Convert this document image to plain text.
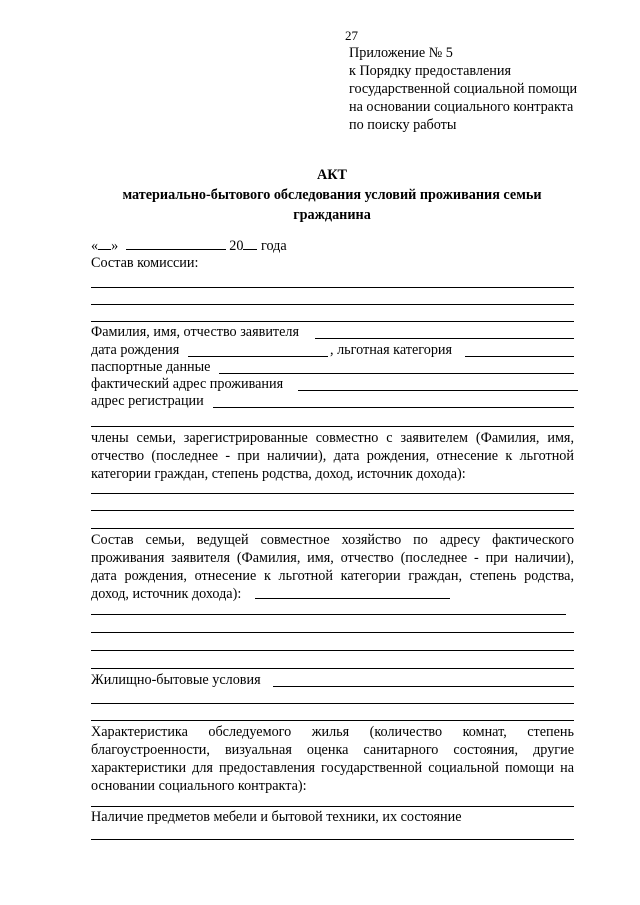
27
Приложение № 5
к Порядку предоставления
государственной социальной помощи
на основании социального контракта
по поиску работы
АКТ
материально-бытового обследования условий проживания семьи
гражданина
« »	20 года
Состав комиссии:
Фамилия, имя, отчество заявителя
дата рождения	, льготная категория
паспортные данные
фактический адрес проживания
адрес регистрации
члены семьи, зарегистрированные совместно с заявителем (Фамилия, имя,
отчество (последнее - при наличии), дата рождения, отнесение к льготной
категории граждан, степень родства, доход, источник дохода):
Состав семьи, ведущей совместное хозяйство по адресу фактического
проживания заявителя (Фамилия, имя, отчество (последнее - при наличии),
дата рождения, отнесение к льготной категории граждан, степень родства,
доход, источник дохода):
Жилищно-бытовые условия
Характеристика обследуемого жилья (количество комнат, степень
благоустроенности, визуальная оценка санитарного состояния, другие
характеристики для предоставления государственной социальной помощи на
основании социального контракта):
Наличие предметов мебели и бытовой техники, их состояние
